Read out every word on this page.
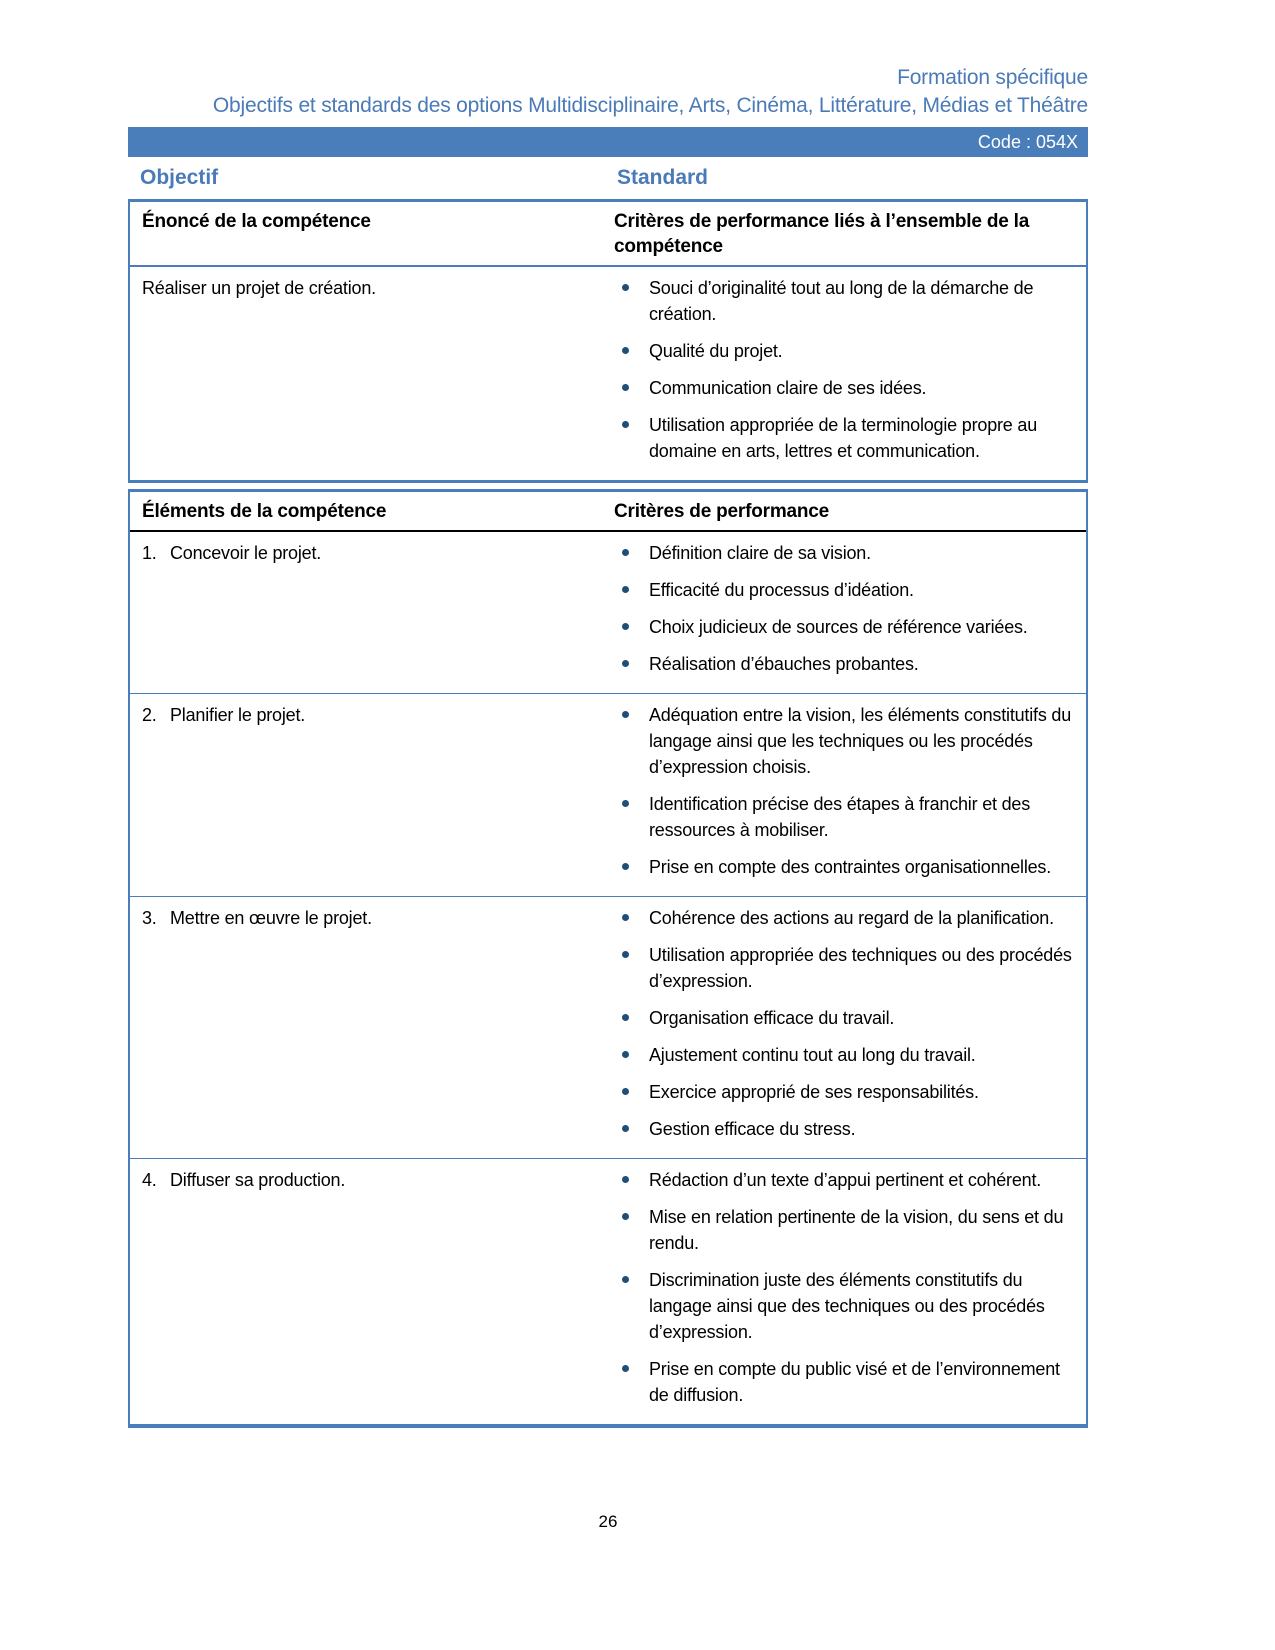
Formation spécifique
Objectifs et standards des options Multidisciplinaire, Arts, Cinéma, Littérature, Médias et Théâtre
Code : 054X
Objectif	Standard
Énoncé de la compétence	Critères de performance liés à l’ensemble de la compétence
Réaliser un projet de création.	Souci d’originalité tout au long de la démarche de création.
Qualité du projet.
Communication claire de ses idées.
Utilisation appropriée de la terminologie propre au domaine en arts, lettres et communication.
Éléments de la compétence	Critères de performance
1. Concevoir le projet.	Définition claire de sa vision.
Efficacité du processus d’idéation.
Choix judicieux de sources de référence variées.
Réalisation d’ébauches probantes.
2. Planifier le projet.	Adéquation entre la vision, les éléments constitutifs du langage ainsi que les techniques ou les procédés d’expression choisis.
Identification précise des étapes à franchir et des ressources à mobiliser.
Prise en compte des contraintes organisationnelles.
3. Mettre en œuvre le projet.	Cohérence des actions au regard de la planification.
Utilisation appropriée des techniques ou des procédés d’expression.
Organisation efficace du travail.
Ajustement continu tout au long du travail.
Exercice approprié de ses responsabilités.
Gestion efficace du stress.
4. Diffuser sa production.	Rédaction d’un texte d’appui pertinent et cohérent.
Mise en relation pertinente de la vision, du sens et du rendu.
Discrimination juste des éléments constitutifs du langage ainsi que des techniques ou des procédés d’expression.
Prise en compte du public visé et de l’environnement de diffusion.
26
